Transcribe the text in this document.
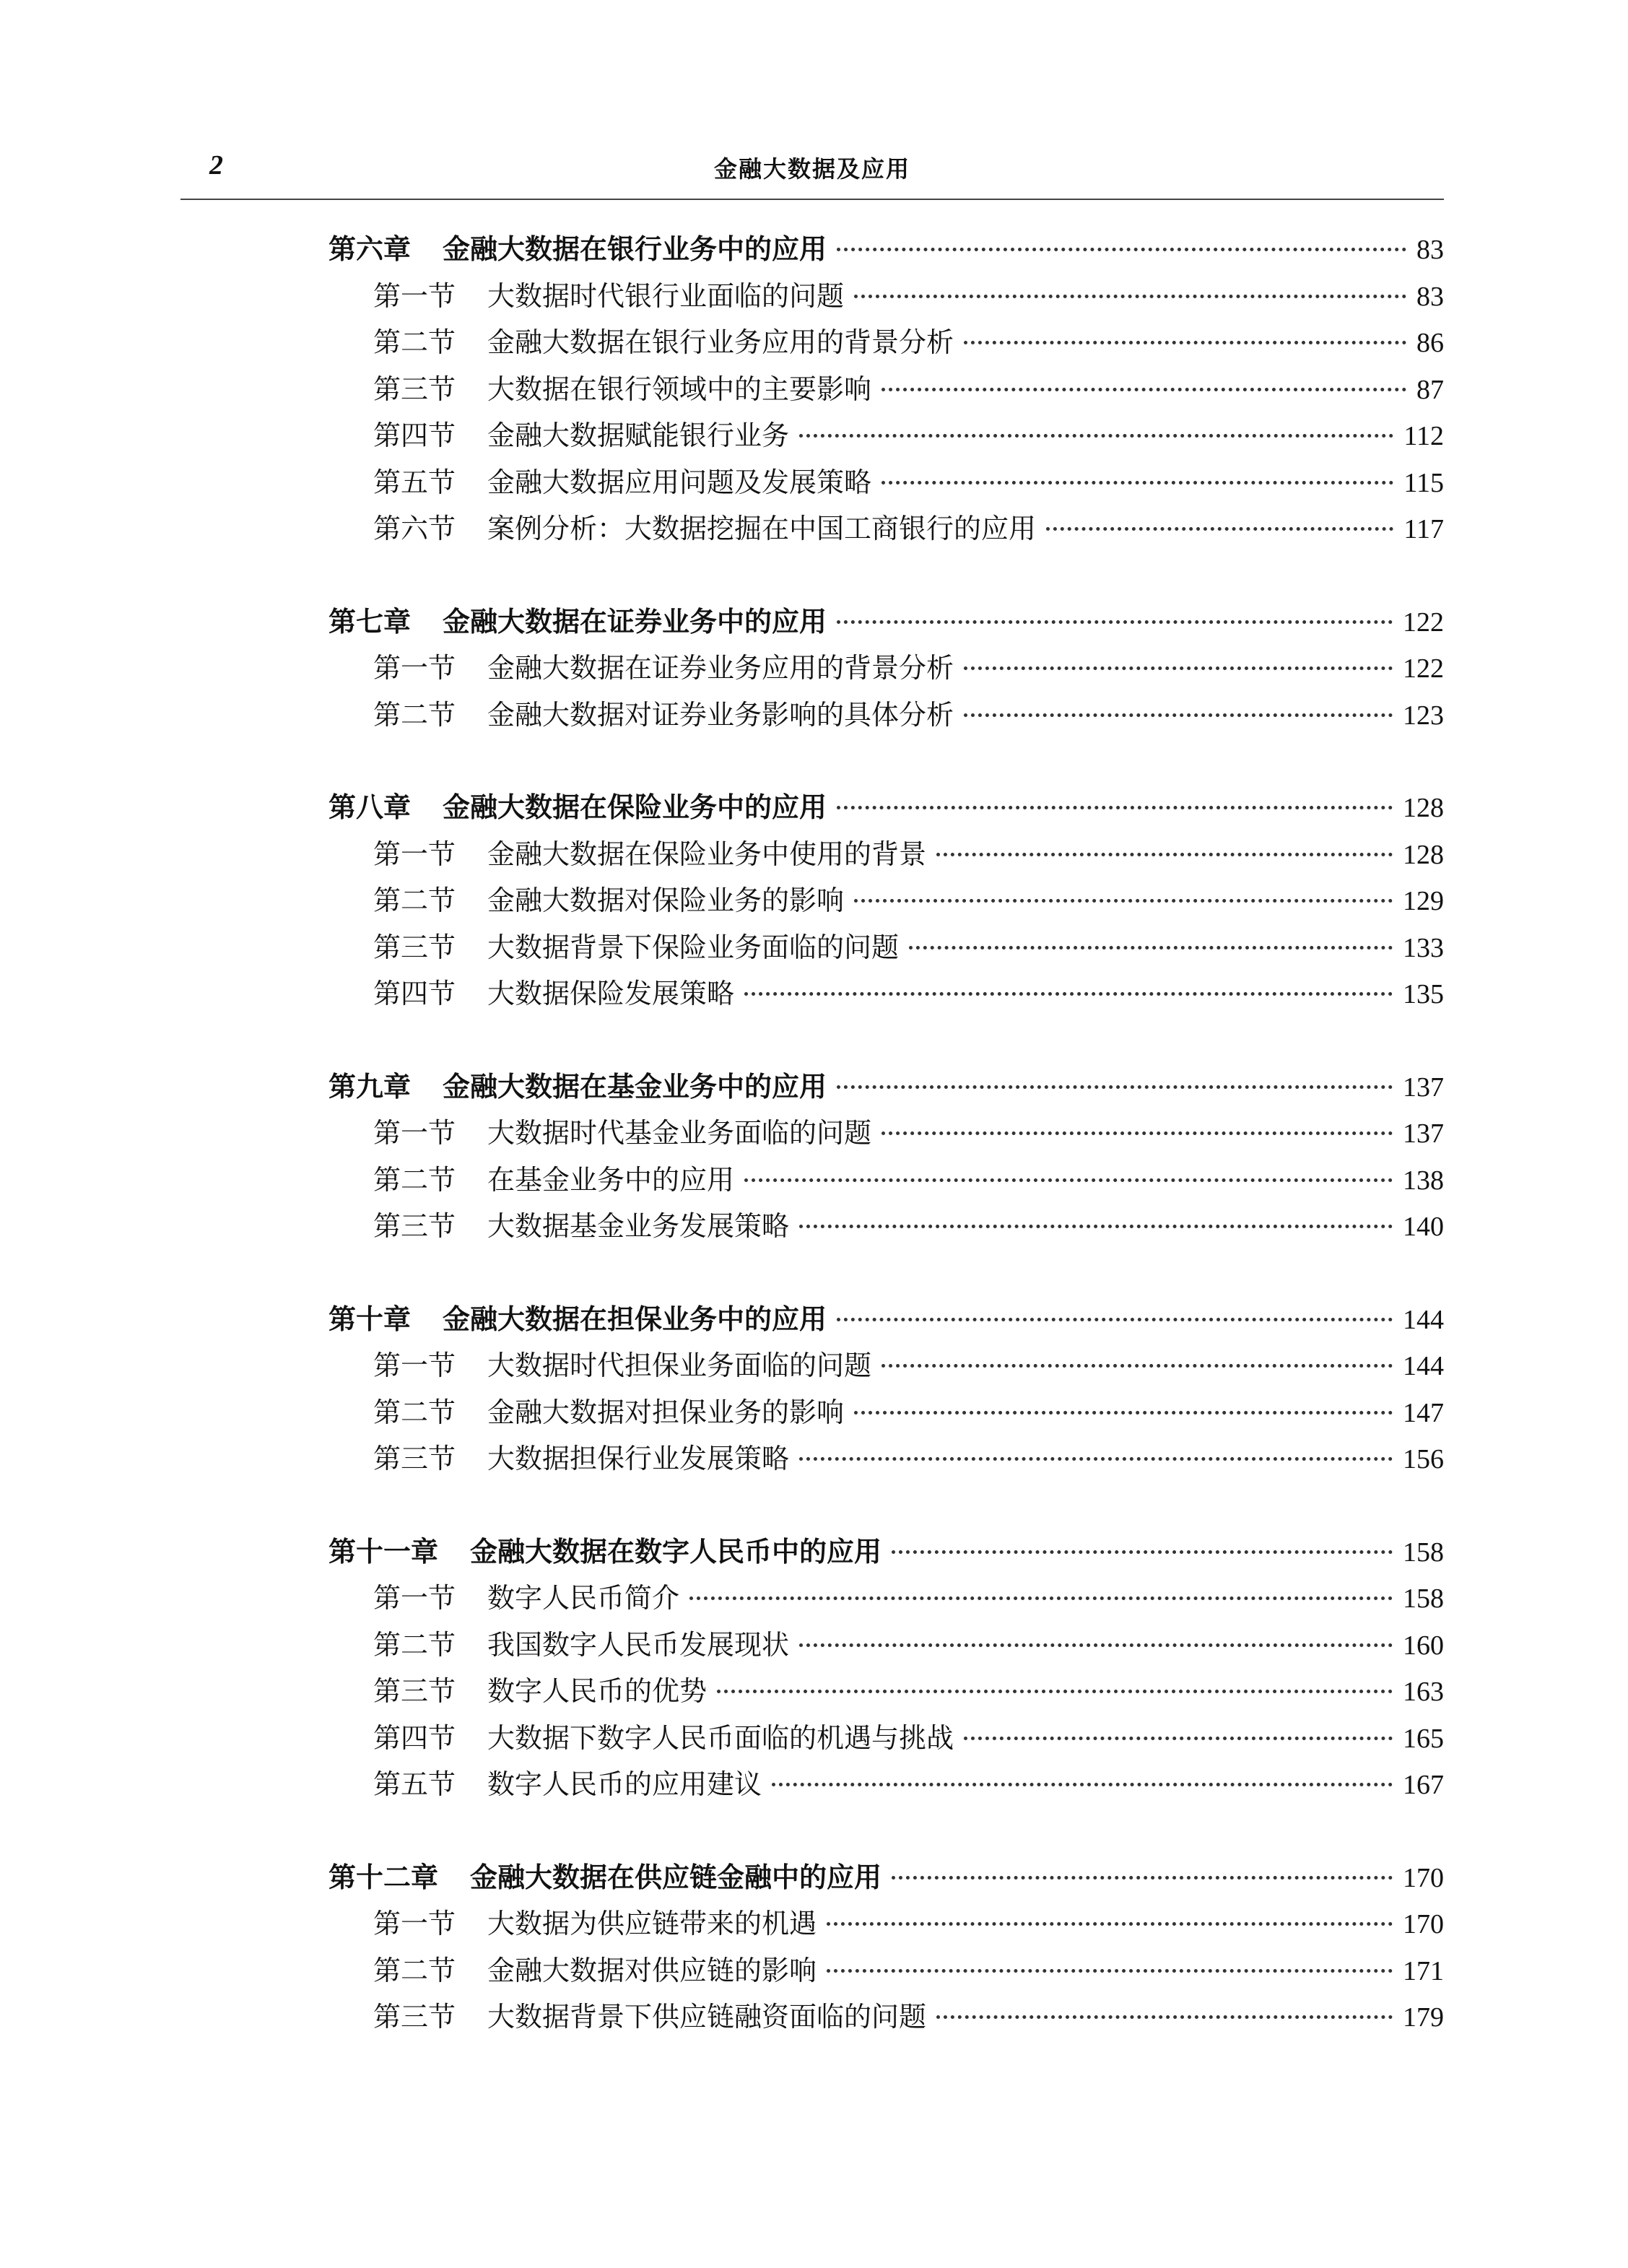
2	金融大数据及应用
第六章 金融大数据在银行业务中的应用	83
第一节 大数据时代银行业面临的问题	83
第二节 金融大数据在银行业务应用的背景分析	86
第三节 大数据在银行领域中的主要影响	87
第四节 金融大数据赋能银行业务	112
第五节 金融大数据应用问题及发展策略	115
第六节 案例分析：大数据挖掘在中国工商银行的应用	117
第七章 金融大数据在证券业务中的应用	122
第一节 金融大数据在证券业务应用的背景分析	122
第二节 金融大数据对证券业务影响的具体分析	123
第八章 金融大数据在保险业务中的应用	128
第一节 金融大数据在保险业务中使用的背景	128
第二节 金融大数据对保险业务的影响	129
第三节 大数据背景下保险业务面临的问题	133
第四节 大数据保险发展策略	135
第九章 金融大数据在基金业务中的应用	137
第一节 大数据时代基金业务面临的问题	137
第二节 在基金业务中的应用	138
第三节 大数据基金业务发展策略	140
第十章 金融大数据在担保业务中的应用	144
第一节 大数据时代担保业务面临的问题	144
第二节 金融大数据对担保业务的影响	147
第三节 大数据担保行业发展策略	156
第十一章 金融大数据在数字人民币中的应用	158
第一节 数字人民币简介	158
第二节 我国数字人民币发展现状	160
第三节 数字人民币的优势	163
第四节 大数据下数字人民币面临的机遇与挑战	165
第五节 数字人民币的应用建议	167
第十二章 金融大数据在供应链金融中的应用	170
第一节 大数据为供应链带来的机遇	170
第二节 金融大数据对供应链的影响	171
第三节 大数据背景下供应链融资面临的问题	179
